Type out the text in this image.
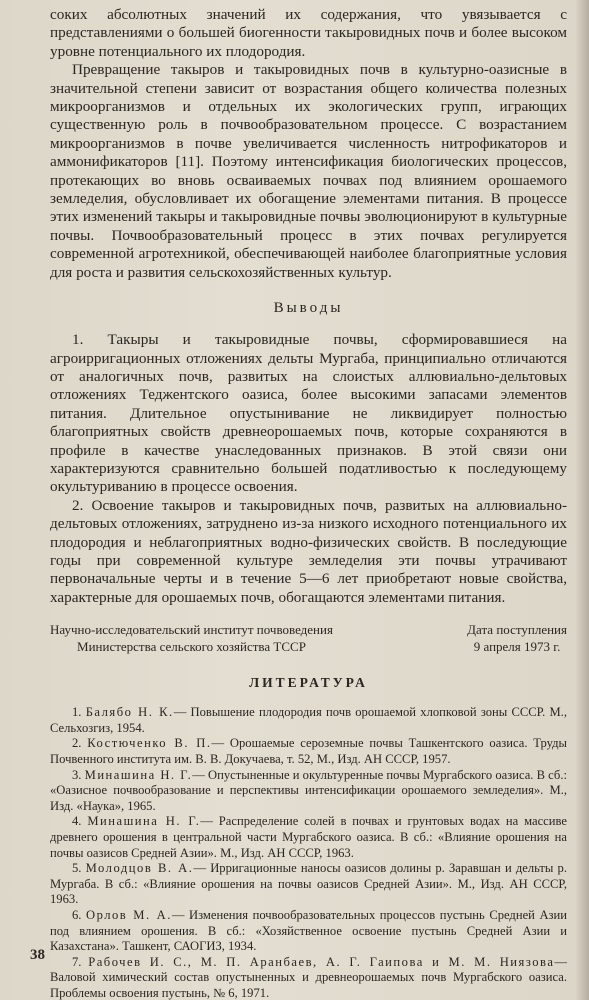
соких абсолютных значений их содержания, что увязывается с представлениями о большей биогенности такыровидных почв и более высоком уровне потенциального их плодородия.

Превращение такыров и такыровидных почв в культурно-оазисные в значительной степени зависит от возрастания общего количества полезных микроорганизмов и отдельных их экологических групп, играющих существенную роль в почвообразовательном процессе. С возрастанием микроорганизмов в почве увеличивается численность нитрофикаторов и аммонификаторов [11]. Поэтому интенсификация биологических процессов, протекающих во вновь осваиваемых почвах под влиянием орошаемого земледелия, обусловливает их обогащение элементами питания. В процессе этих изменений такыры и такыровидные почвы эволюционируют в культурные почвы. Почвообразовательный процесс в этих почвах регулируется современной агротехникой, обеспечивающей наиболее благоприятные условия для роста и развития сельскохозяйственных культур.

Выводы

1. Такыры и такыровидные почвы, сформировавшиеся на агроирригационных отложениях дельты Мургаба, принципиально отличаются от аналогичных почв, развитых на слоистых аллювиально-дельтовых отложениях Теджентского оазиса, более высокими запасами элементов питания. Длительное опустынивание не ликвидирует полностью благоприятных свойств древнеорошаемых почв, которые сохраняются в профиле в качестве унаследованных признаков. В этой связи они характеризуются сравнительно большей податливостью к последующему окультуриванию в процессе освоения.

2. Освоение такыров и такыровидных почв, развитых на аллювиально-дельтовых отложениях, затруднено из-за низкого исходного потенциального их плодородия и неблагоприятных водно-физических свойств. В последующие годы при современной культуре земледелия эти почвы утрачивают первоначальные черты и в течение 5—6 лет приобретают новые свойства, характерные для орошаемых почв, обогащаются элементами питания.

Научно-исследовательский институт почвоведения
Министерства сельского хозяйства ТССР
Дата поступления
9 апреля 1973 г.
ЛИТЕРАТУРА

1. Балябо Н. К.— Повышение плодородия почв орошаемой хлопковой зоны СССР. М., Сельхозгиз, 1954.

2. Костюченко В. П.— Орошаемые сероземные почвы Ташкентского оазиса. Труды Почвенного института им. В. В. Докучаева, т. 52, М., Изд. АН СССР, 1957.

3. Минашина Н. Г.— Опустыненные и окультуренные почвы Мургабского оазиса. В сб.: «Оазисное почвообразование и перспективы интенсификации орошаемого земледелия». М., Изд. «Наука», 1965.

4. Минашина Н. Г.— Распределение солей в почвах и грунтовых водах на массиве древнего орошения в центральной части Мургабского оазиса. В сб.: «Влияние орошения на почвы оазисов Средней Азии». М., Изд. АН СССР, 1963.

5. Молодцов В. А.— Ирригационные наносы оазисов долины р. Заравшан и дельты р. Мургаба. В сб.: «Влияние орошения на почвы оазисов Средней Азии». М., Изд. АН СССР, 1963.

6. Орлов М. А.— Изменения почвообразовательных процессов пустынь Средней Азии под влиянием орошения. В сб.: «Хозяйственное освоение пустынь Средней Азии и Казахстана». Ташкент, САОГИЗ, 1934.

7. Рабочев И. С., М. П. Аранбаев, А. Г. Гаипова и М. М. Ниязова— Валовой химический состав опустыненных и древнеорошаемых почв Мургабского оазиса. Проблемы освоения пустынь, № 6, 1971.

38
